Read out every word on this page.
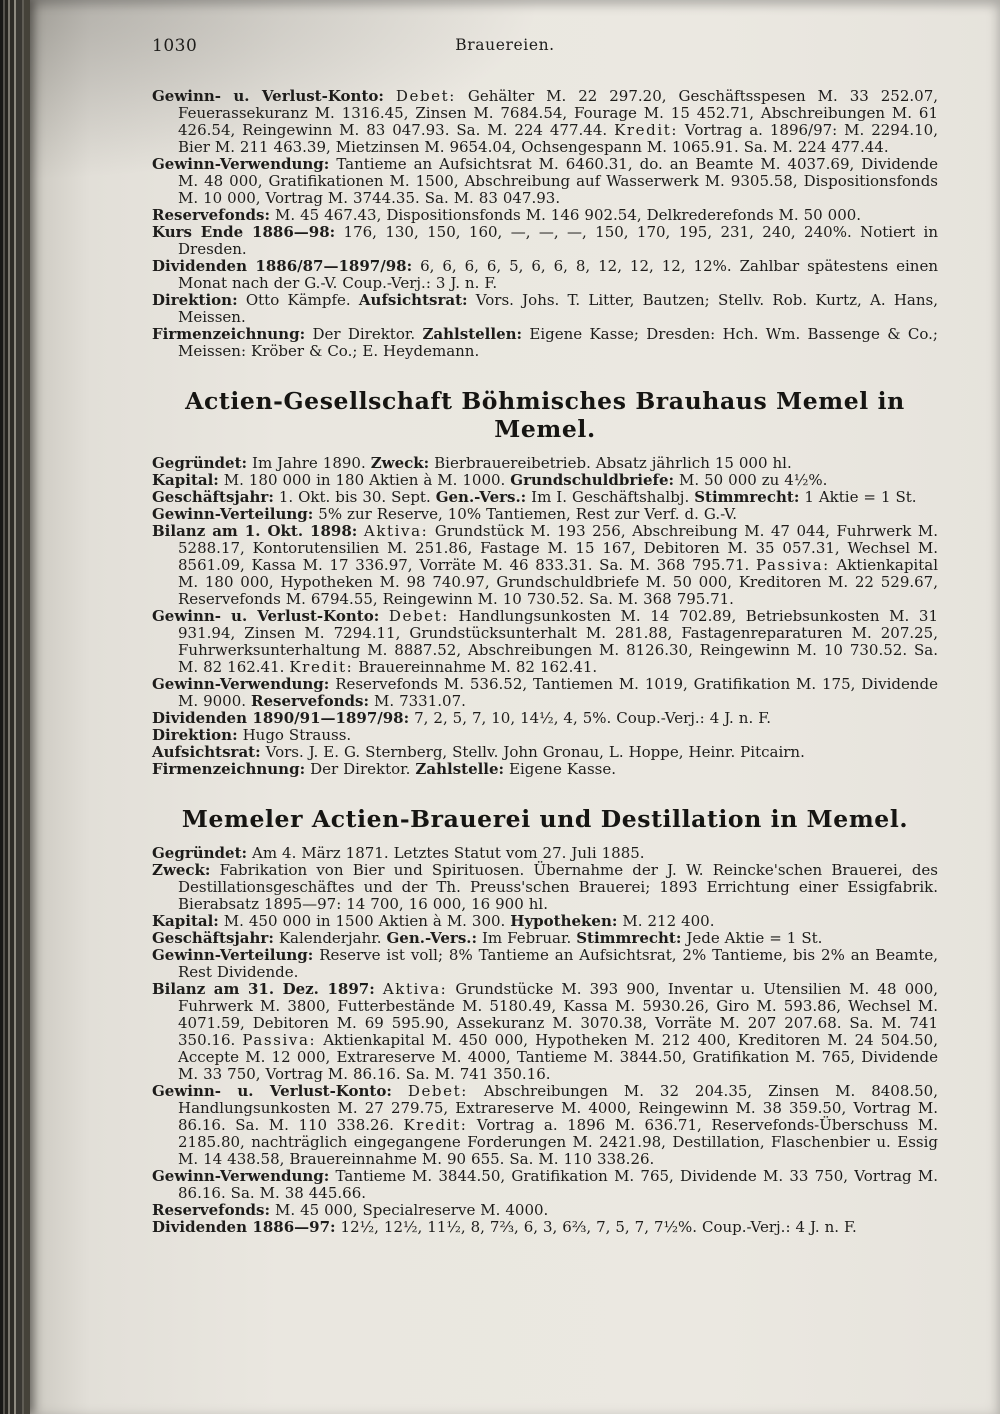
1030	Brauereien.

Gewinn- u. Verlust-Konto: Debet: Gehälter M. 22 297.20, Geschäftsspesen M. 33 252.07, Feuerassekuranz M. 1316.45, Zinsen M. 7684.54, Fourage M. 15 452.71, Abschreibungen M. 61 426.54, Reingewinn M. 83 047.93. Sa. M. 224 477.44. Kredit: Vortrag a. 1896/97: M. 2294.10, Bier M. 211 463.39, Mietzinsen M. 9654.04, Ochsengespann M. 1065.91. Sa. M. 224 477.44.

Gewinn-Verwendung: Tantieme an Aufsichtsrat M. 6460.31, do. an Beamte M. 4037.69, Dividende M. 48 000, Gratifikationen M. 1500, Abschreibung auf Wasserwerk M. 9305.58, Dispositionsfonds M. 10 000, Vortrag M. 3744.35. Sa. M. 83 047.93.

Reservefonds: M. 45 467.43, Dispositionsfonds M. 146 902.54, Delkrederefonds M. 50 000.

Kurs Ende 1886—98: 176, 130, 150, 160, —, —, —, 150, 170, 195, 231, 240, 240%. Notiert in Dresden.

Dividenden 1886/87—1897/98: 6, 6, 6, 6, 5, 6, 6, 8, 12, 12, 12, 12%. Zahlbar spätestens einen Monat nach der G.-V. Coup.-Verj.: 3 J. n. F.

Direktion: Otto Kämpfe. Aufsichtsrat: Vors. Johs. T. Litter, Bautzen; Stellv. Rob. Kurtz, A. Hans, Meissen.

Firmenzeichnung: Der Direktor. Zahlstellen: Eigene Kasse; Dresden: Hch. Wm. Bassenge & Co.; Meissen: Kröber & Co.; E. Heydemann.

Actien-Gesellschaft Böhmisches Brauhaus Memel in Memel.

Gegründet: Im Jahre 1890. Zweck: Bierbrauereibetrieb. Absatz jährlich 15 000 hl.

Kapital: M. 180 000 in 180 Aktien à M. 1000. Grundschuldbriefe: M. 50 000 zu 4½%.

Geschäftsjahr: 1. Okt. bis 30. Sept. Gen.-Vers.: Im I. Geschäftshalbj. Stimmrecht: 1 Aktie = 1 St.

Gewinn-Verteilung: 5% zur Reserve, 10% Tantiemen, Rest zur Verf. d. G.-V.

Bilanz am 1. Okt. 1898: Aktiva: Grundstück M. 193 256, Abschreibung M. 47 044, Fuhrwerk M. 5288.17, Kontorutensilien M. 251.86, Fastage M. 15 167, Debitoren M. 35 057.31, Wechsel M. 8561.09, Kassa M. 17 336.97, Vorräte M. 46 833.31. Sa. M. 368 795.71. Passiva: Aktienkapital M. 180 000, Hypotheken M. 98 740.97, Grundschuldbriefe M. 50 000, Kreditoren M. 22 529.67, Reservefonds M. 6794.55, Reingewinn M. 10 730.52. Sa. M. 368 795.71.

Gewinn- u. Verlust-Konto: Debet: Handlungsunkosten M. 14 702.89, Betriebsunkosten M. 31 931.94, Zinsen M. 7294.11, Grundstücksunterhalt M. 281.88, Fastagenreparaturen M. 207.25, Fuhrwerksunterhaltung M. 8887.52, Abschreibungen M. 8126.30, Reingewinn M. 10 730.52. Sa. M. 82 162.41. Kredit: Brauereinnahme M. 82 162.41.

Gewinn-Verwendung: Reservefonds M. 536.52, Tantiemen M. 1019, Gratifikation M. 175, Dividende M. 9000. Reservefonds: M. 7331.07.

Dividenden 1890/91—1897/98: 7, 2, 5, 7, 10, 14½, 4, 5%. Coup.-Verj.: 4 J. n. F.

Direktion: Hugo Strauss.

Aufsichtsrat: Vors. J. E. G. Sternberg, Stellv. John Gronau, L. Hoppe, Heinr. Pitcairn.

Firmenzeichnung: Der Direktor. Zahlstelle: Eigene Kasse.

Memeler Actien-Brauerei und Destillation in Memel.

Gegründet: Am 4. März 1871. Letztes Statut vom 27. Juli 1885.

Zweck: Fabrikation von Bier und Spirituosen. Übernahme der J. W. Reincke'schen Brauerei, des Destillationsgeschäftes und der Th. Preuss'schen Brauerei; 1893 Errichtung einer Essigfabrik. Bierabsatz 1895—97: 14 700, 16 000, 16 900 hl.

Kapital: M. 450 000 in 1500 Aktien à M. 300. Hypotheken: M. 212 400.

Geschäftsjahr: Kalenderjahr. Gen.-Vers.: Im Februar. Stimmrecht: Jede Aktie = 1 St.

Gewinn-Verteilung: Reserve ist voll; 8% Tantieme an Aufsichtsrat, 2% Tantieme, bis 2% an Beamte, Rest Dividende.

Bilanz am 31. Dez. 1897: Aktiva: Grundstücke M. 393 900, Inventar u. Utensilien M. 48 000, Fuhrwerk M. 3800, Futterbestände M. 5180.49, Kassa M. 5930.26, Giro M. 593.86, Wechsel M. 4071.59, Debitoren M. 69 595.90, Assekuranz M. 3070.38, Vorräte M. 207 207.68. Sa. M. 741 350.16. Passiva: Aktienkapital M. 450 000, Hypotheken M. 212 400, Kreditoren M. 24 504.50, Accepte M. 12 000, Extrareserve M. 4000, Tantieme M. 3844.50, Gratifikation M. 765, Dividende M. 33 750, Vortrag M. 86.16. Sa. M. 741 350.16.

Gewinn- u. Verlust-Konto: Debet: Abschreibungen M. 32 204.35, Zinsen M. 8408.50, Handlungsunkosten M. 27 279.75, Extrareserve M. 4000, Reingewinn M. 38 359.50, Vortrag M. 86.16. Sa. M. 110 338.26. Kredit: Vortrag a. 1896 M. 636.71, Reservefonds-Überschuss M. 2185.80, nachträglich eingegangene Forderungen M. 2421.98, Destillation, Flaschenbier u. Essig M. 14 438.58, Brauereinnahme M. 90 655. Sa. M. 110 338.26.

Gewinn-Verwendung: Tantieme M. 3844.50, Gratifikation M. 765, Dividende M. 33 750, Vortrag M. 86.16. Sa. M. 38 445.66.

Reservefonds: M. 45 000, Specialreserve M. 4000.

Dividenden 1886—97: 12½, 12½, 11½, 8, 7⅔, 6, 3, 6⅔, 7, 5, 7, 7½%. Coup.-Verj.: 4 J. n. F.
